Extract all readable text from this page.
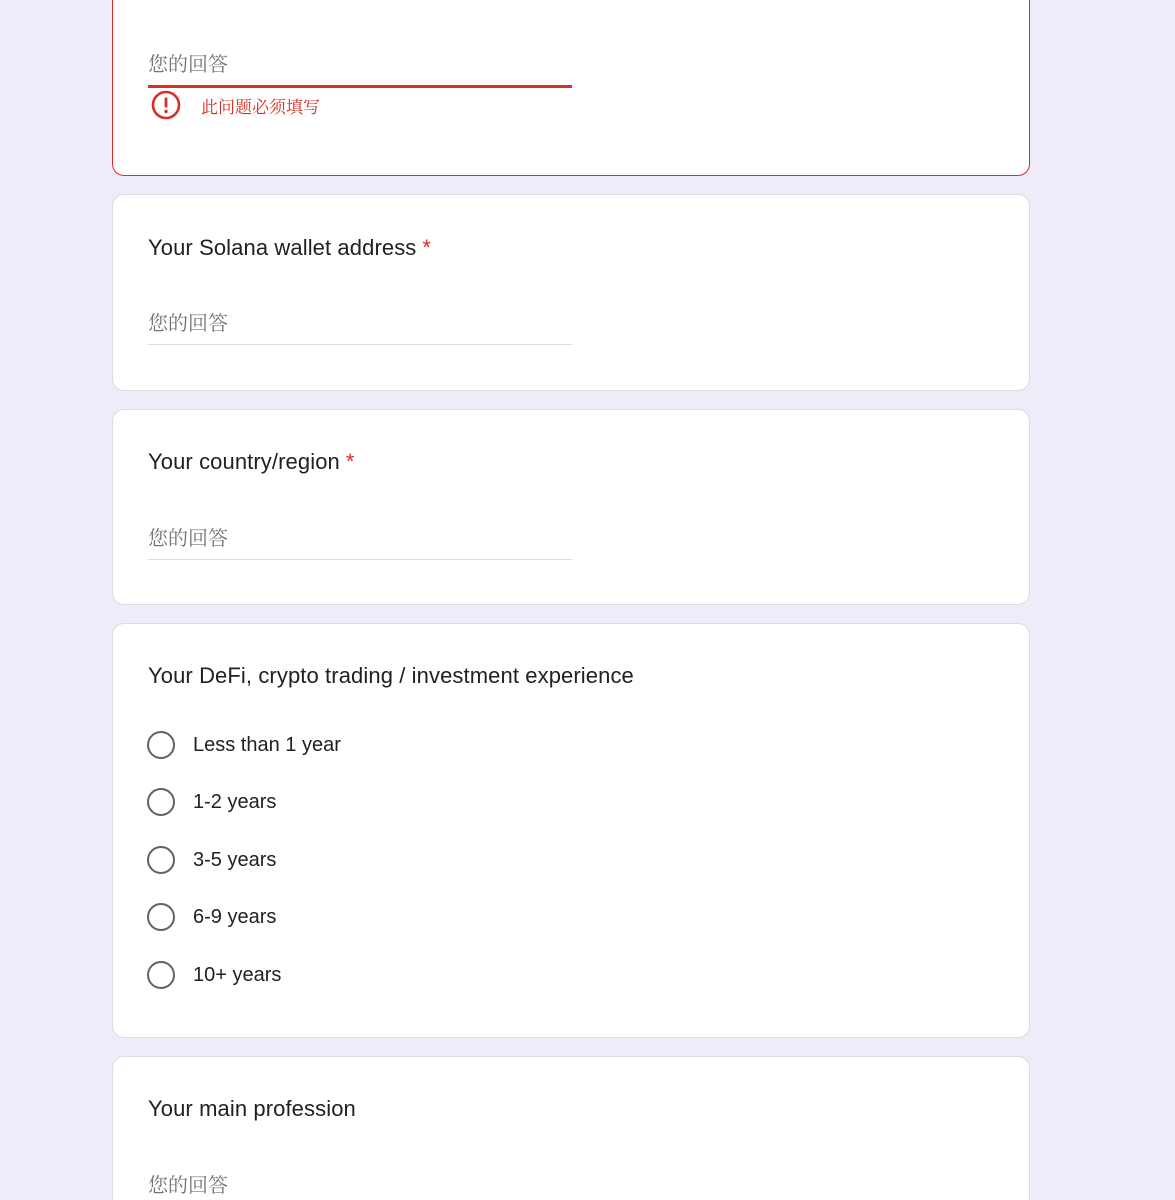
您的回答
此问题必须填写
Your Solana wallet address *
您的回答
Your country/region *
您的回答
Your DeFi, crypto trading / investment experience
Less than 1 year
1-2 years
3-5 years
6-9 years
10+ years
Your main profession
您的回答
